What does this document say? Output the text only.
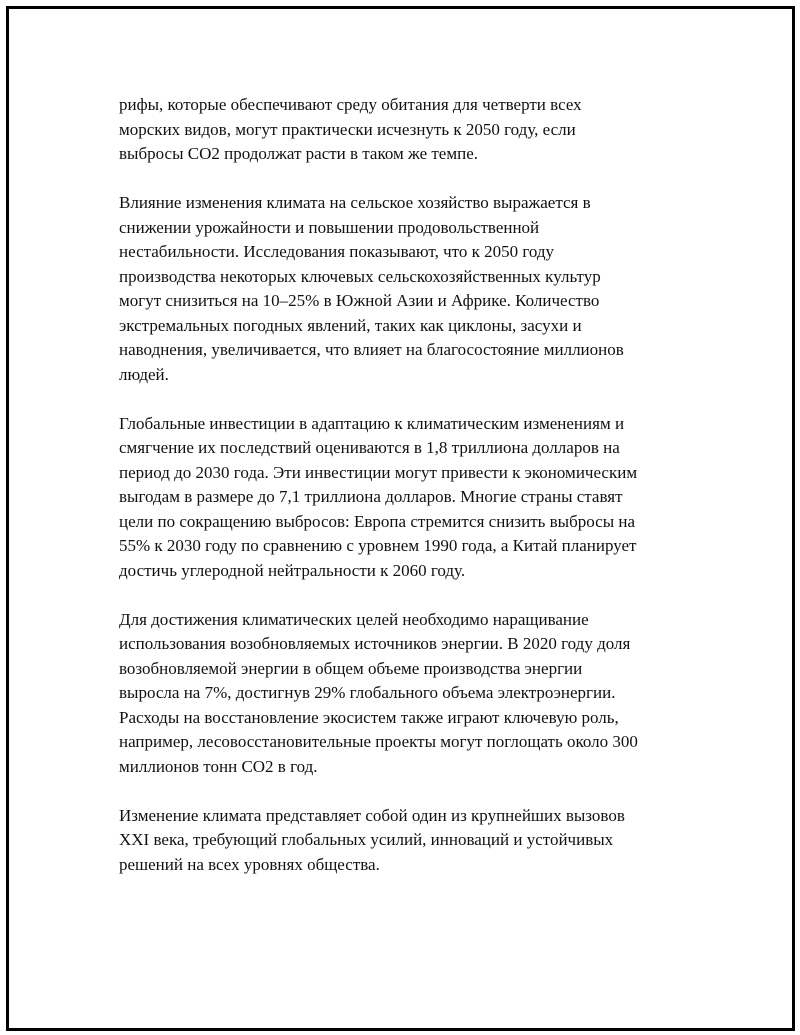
рифы, которые обеспечивают среду обитания для четверти всех
морских видов, могут практически исчезнуть к 2050 году, если
выбросы CO2 продолжат расти в таком же темпе.

Влияние изменения климата на сельское хозяйство выражается в
снижении урожайности и повышении продовольственной
нестабильности. Исследования показывают, что к 2050 году
производства некоторых ключевых сельскохозяйственных культур
могут снизиться на 10–25% в Южной Азии и Африке. Количество
экстремальных погодных явлений, таких как циклоны, засухи и
наводнения, увеличивается, что влияет на благосостояние миллионов
людей.

Глобальные инвестиции в адаптацию к климатическим изменениям и
смягчение их последствий оцениваются в 1,8 триллиона долларов на
период до 2030 года. Эти инвестиции могут привести к экономическим
выгодам в размере до 7,1 триллиона долларов. Многие страны ставят
цели по сокращению выбросов: Европа стремится снизить выбросы на
55% к 2030 году по сравнению с уровнем 1990 года, а Китай планирует
достичь углеродной нейтральности к 2060 году.

Для достижения климатических целей необходимо наращивание
использования возобновляемых источников энергии. В 2020 году доля
возобновляемой энергии в общем объеме производства энергии
выросла на 7%, достигнув 29% глобального объема электроэнергии.
Расходы на восстановление экосистем также играют ключевую роль,
например, лесовосстановительные проекты могут поглощать около 300
миллионов тонн CO2 в год.

Изменение климата представляет собой один из крупнейших вызовов
XXI века, требующий глобальных усилий, инноваций и устойчивых
решений на всех уровнях общества.
